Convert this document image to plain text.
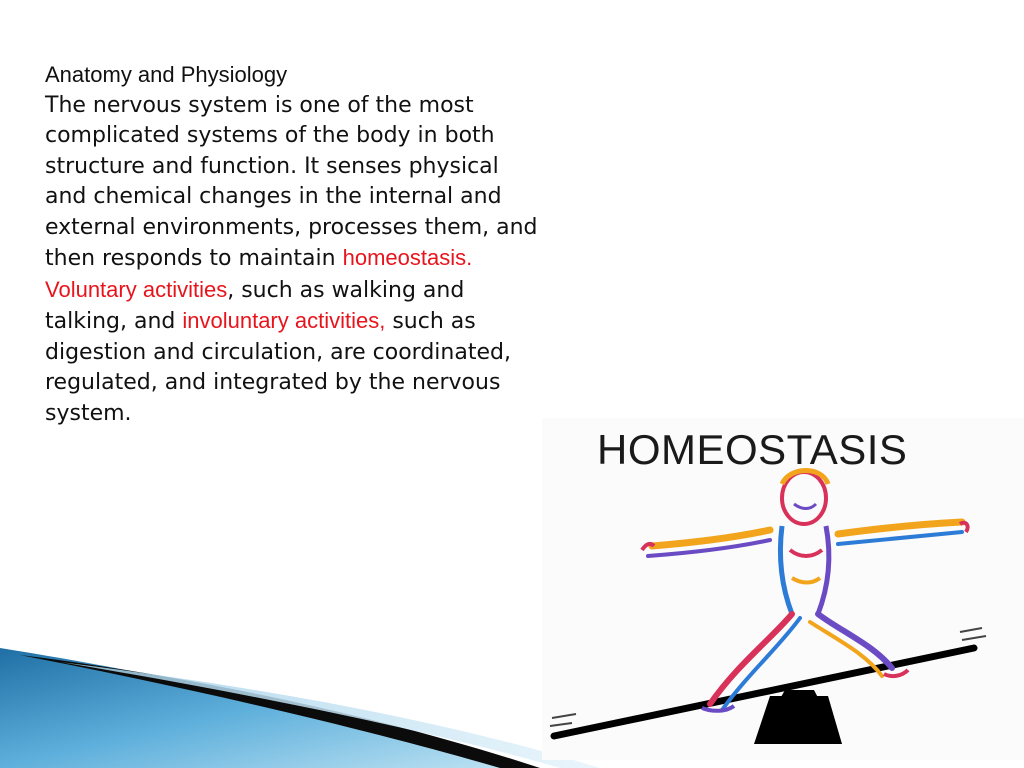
Anatomy and Physiology

The nervous system is one of the most complicated systems of the body in both structure and function. It senses physical and chemical changes in the internal and external environments, processes them, and then responds to maintain homeostasis.

Voluntary activities, such as walking and talking, and involuntary activities, such as digestion and circulation, are coordinated, regulated, and integrated by the nervous system.

HOMEOSTASIS
